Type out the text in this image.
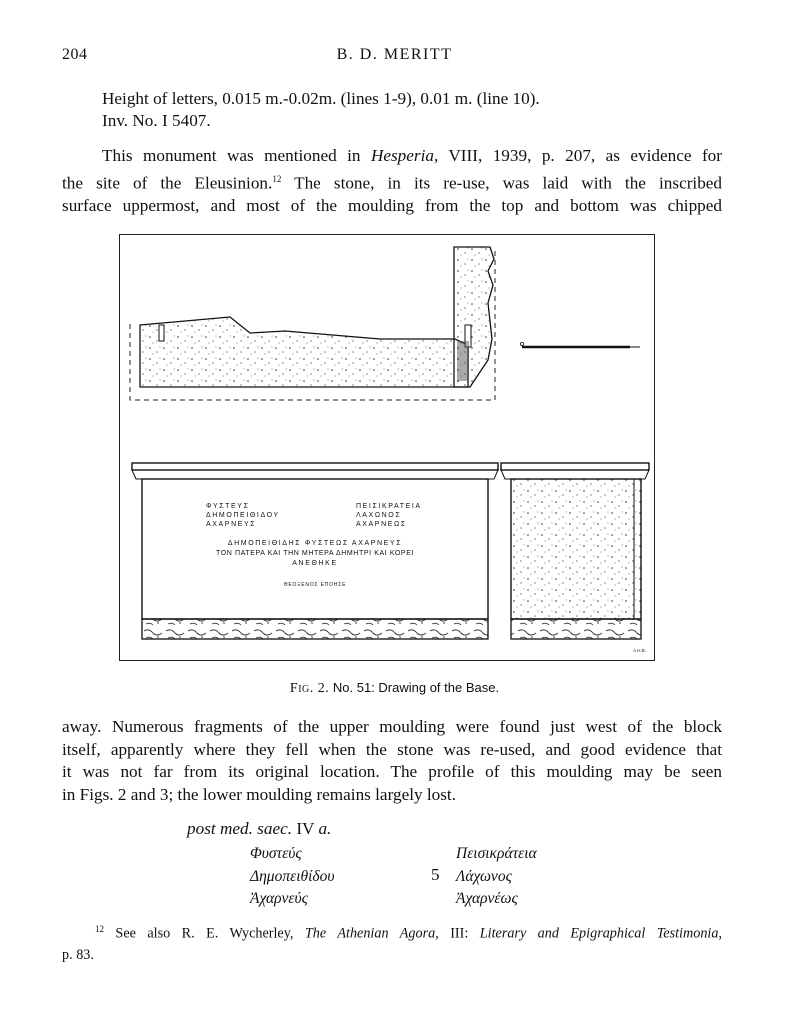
204	B. D. MERITT
Height of letters, 0.015 m.-0.02m. (lines 1-9), 0.01 m. (line 10).
Inv. No. I 5407.
This monument was mentioned in Hesperia, VIII, 1939, p. 207, as evidence for
the site of the Eleusinion.$^{12}$ The stone, in its re-use, was laid with the inscribed
surface uppermost, and most of the moulding from the top and bottom was chipped
ΦΥΣΤΕΥΣ
ΔΗΜΟΠΕΙΘΙΔΟΥ
ΑΧΑΡΝΕΥΣ
ΠΕΙΣΙΚΡΑΤΕΙΑ
ΛΑΧΩΝΟΣ
ΑΧΑΡΝΕΩΣ
ΔΗΜΟΠΕΙΘΙΔΗΣ ΦΥΣΤΕΩΣ ΑΧΑΡΝΕΥΣ
ΤΟΝ ΠΑΤΕΡΑ ΚΑΙ ΤΗΝ ΜΗΤΕΡΑ ΔΗΜΗΤΡΙ ΚΑΙ ΚΟΡΕΙ
ΑΝΕΘΗΚΕ
ΘΕΟΞΕΝΟΣ ΕΠΟΗΣΕ
A.H.B.
Fig. 2. No. 51: Drawing of the Base.
away. Numerous fragments of the upper moulding were found just west of the block
itself, apparently where they fell when the stone was re-used, and good evidence that
it was not far from its original location. The profile of this moulding may be seen
in Figs. 2 and 3; the lower moulding remains largely lost.
post med. saec. IV a.
Φυστεύς
Δημοπειθίδου
Ἀχαρνεύς
5
Πεισικράτεια
Λάχωνος
Ἀχαρνέως
$^{12}$ See also R. E. Wycherley, The Athenian Agora, III: Literary and Epigraphical Testimonia,
p. 83.
